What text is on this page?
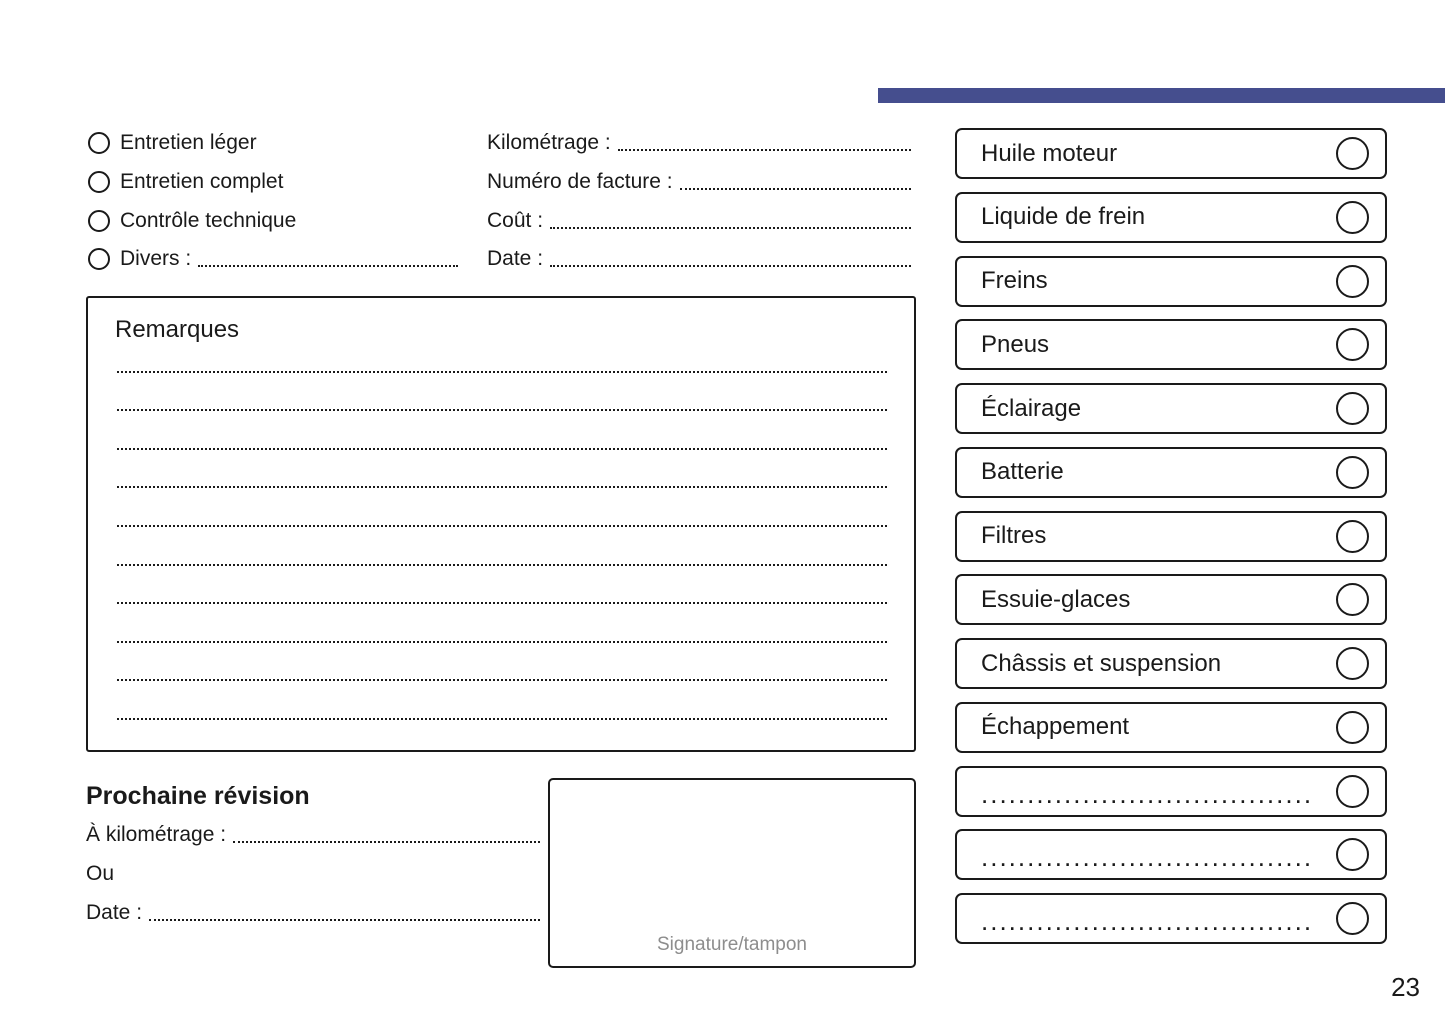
Entretien léger
Entretien complet
Contrôle technique
Divers :
Kilométrage :
Numéro de facture :
Coût :
Date :
Remarques
Prochaine révision
À kilométrage :
Ou
Date :
Signature/tampon
Huile moteur
Liquide de frein
Freins
Pneus
Éclairage
Batterie
Filtres
Essuie-glaces
Châssis et suspension
Échappement
....................................
....................................
....................................
23
